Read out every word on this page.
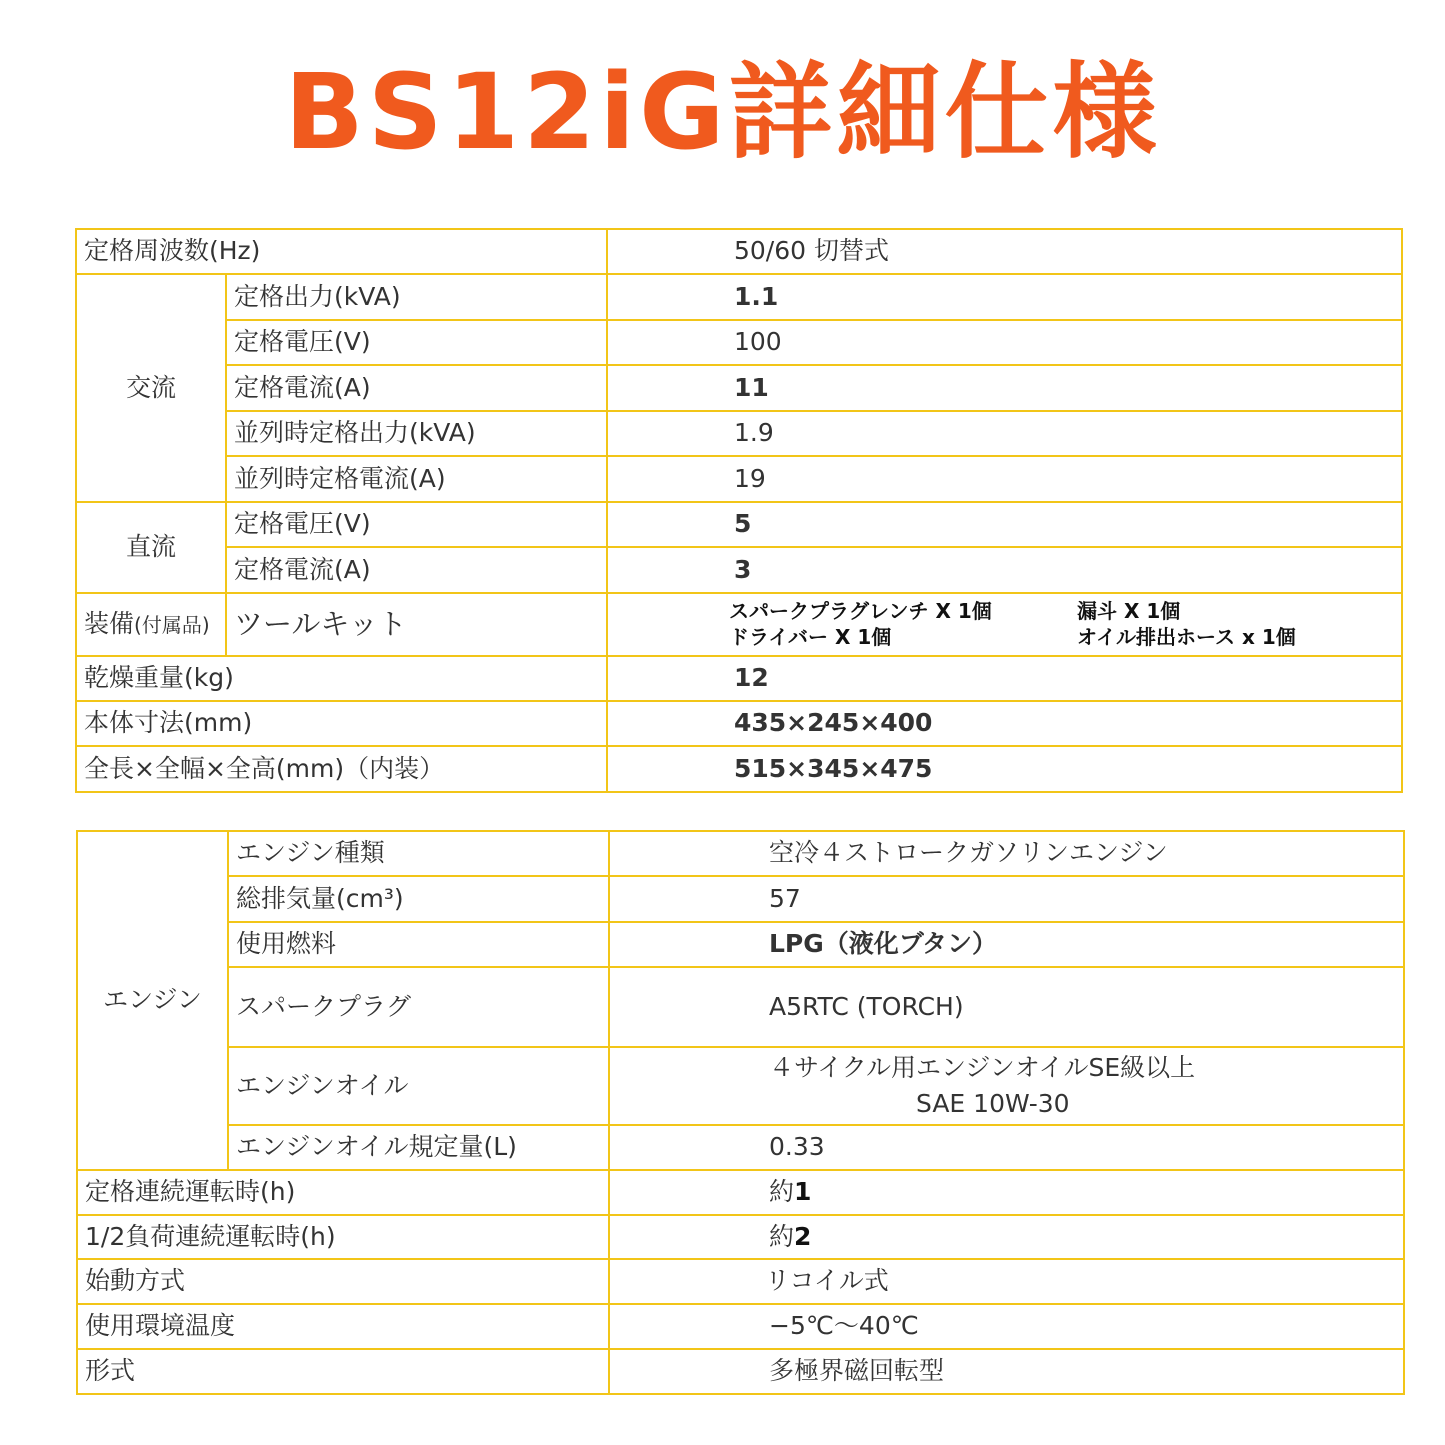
BS12iG詳細仕様
定格周波数(Hz)		50/60 切替式
交流	定格出力(kVA)	1.1
	定格電圧(V)	100
	定格電流(A)	11
	並列時定格出力(kVA)	1.9
	並列時定格電流(A)	19
直流	定格電圧(V)	5
	定格電流(A)	3
装備(付属品)	ツールキット	スパークプラグレンチ X 1個 漏斗 X 1個
ドライバー X 1個 オイル排出ホース x 1個

乾燥重量(kg)		12
本体寸法(mm)		435×245×400
全長×全幅×全高(mm)（内装）		515×345×475
エンジン	エンジン種類	空冷４ストロークガソリンエンジン
	総排気量(cm³)	57
	使用燃料	LPG（液化ブタン）
	スパークプラグ	A5RTC (TORCH)
	エンジンオイル	４サイクル用エンジンオイルSE級以上
SAE 10W-30

	エンジンオイル規定量(L)	0.33
定格連続運転時(h)		約1
1/2負荷連続運転時(h)		約2
始動方式		リコイル式
使用環境温度		−5℃～40℃
形式		多極界磁回転型
